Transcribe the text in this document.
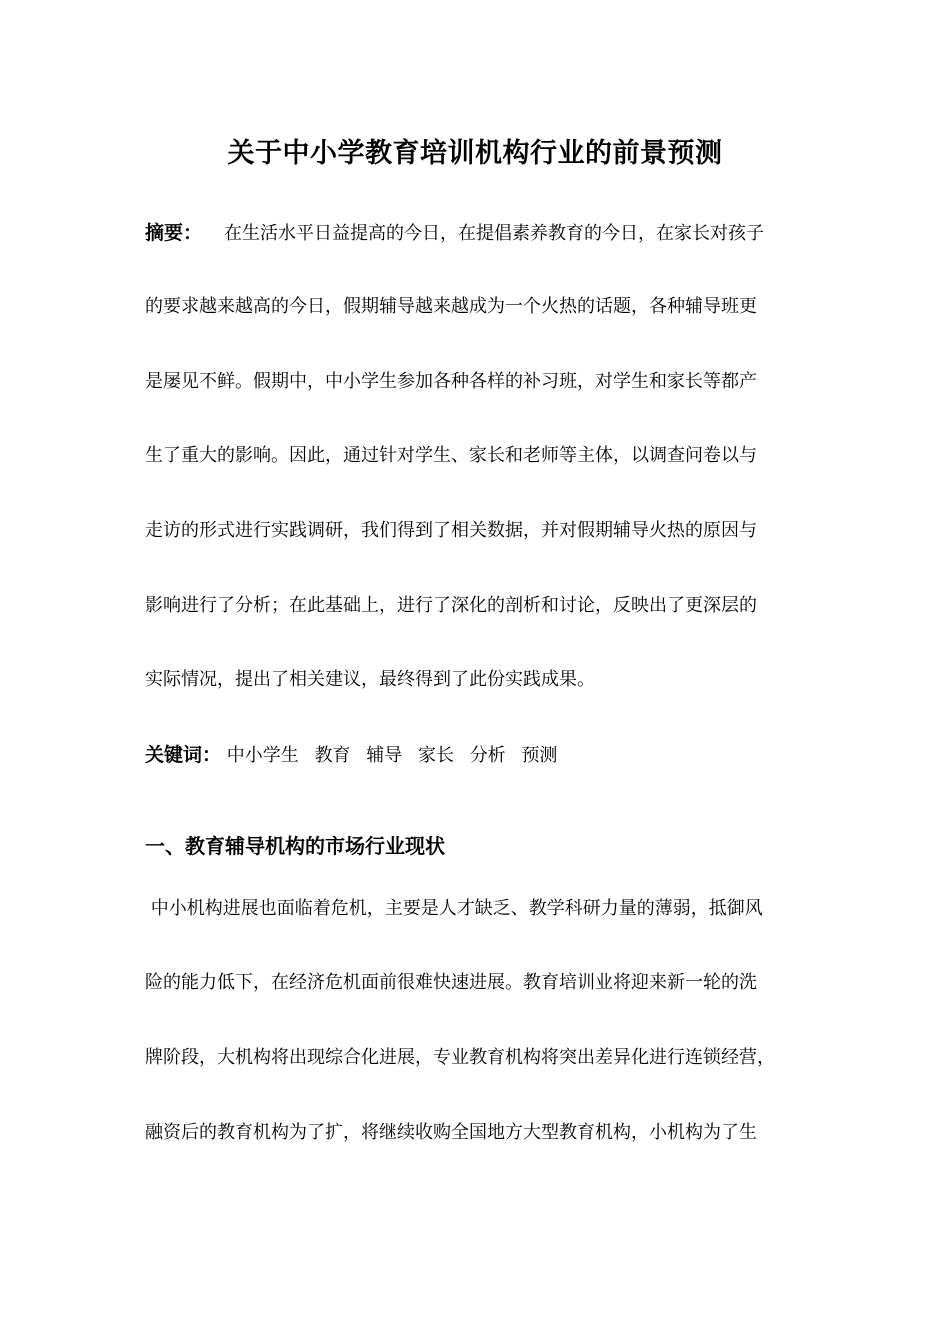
关于中小学教育培训机构行业的前景预测
摘要： 在生活水平日益提高的今日，在提倡素养教育的今日，在家长对孩子
的要求越来越高的今日，假期辅导越来越成为一个火热的话题，各种辅导班更
是屡见不鲜。假期中，中小学生参加各种各样的补习班，对学生和家长等都产
生了重大的影响。因此，通过针对学生、家长和老师等主体，以调查问卷以与
走访的形式进行实践调研，我们得到了相关数据，并对假期辅导火热的原因与
影响进行了分析；在此基础上，进行了深化的剖析和讨论，反映出了更深层的
实际情况，提出了相关建议，最终得到了此份实践成果。
关键词： 中小学生 教育 辅导 家长 分析 预测
一、教育辅导机构的市场行业现状
中小机构进展也面临着危机，主要是人才缺乏、教学科研力量的薄弱，抵御风
险的能力低下，在经济危机面前很难快速进展。教育培训业将迎来新一轮的洗
牌阶段，大机构将出现综合化进展，专业教育机构将突出差异化进行连锁经营，
融资后的教育机构为了扩，将继续收购全国地方大型教育机构，小机构为了生
